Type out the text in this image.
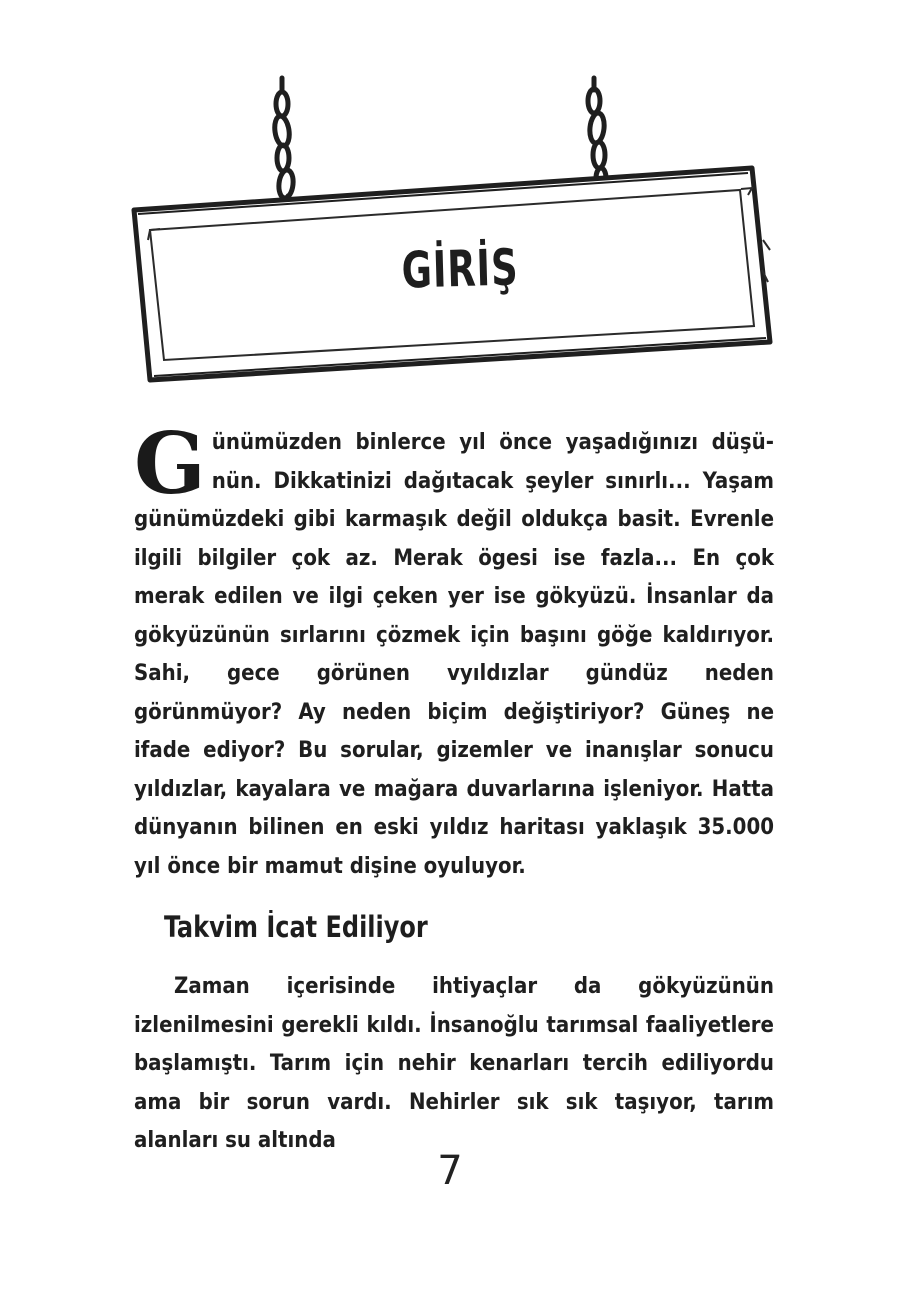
GİRİŞ

Günümüzden binlerce yıl önce yaşadığınızı düşünün. Dikkatinizi dağıtacak şeyler sınırlı... Yaşam günümüzdeki gibi karmaşık değil oldukça basit. Evrenle ilgili bilgiler çok az. Merak ögesi ise fazla... En çok merak edilen ve ilgi çeken yer ise gökyüzü. İnsanlar da gökyüzünün sırlarını çözmek için başını göğe kaldırıyor. Sahi, gece görünen vyıldızlar gündüz neden görünmüyor? Ay neden biçim değiştiriyor? Güneş ne ifade ediyor? Bu sorular, gizemler ve inanışlar sonucu yıldızlar, kayalara ve mağara duvarlarına işleniyor. Hatta dünyanın bilinen en eski yıldız haritası yaklaşık 35.000 yıl önce bir mamut dişine oyuluyor.

Takvim İcat Ediliyor

Zaman içerisinde ihtiyaçlar da gökyüzünün izlenilmesini gerekli kıldı. İnsanoğlu tarımsal faaliyetlere başlamıştı. Tarım için nehir kenarları tercih ediliyordu ama bir sorun vardı. Nehirler sık sık taşıyor, tarım alanları su altında

7
